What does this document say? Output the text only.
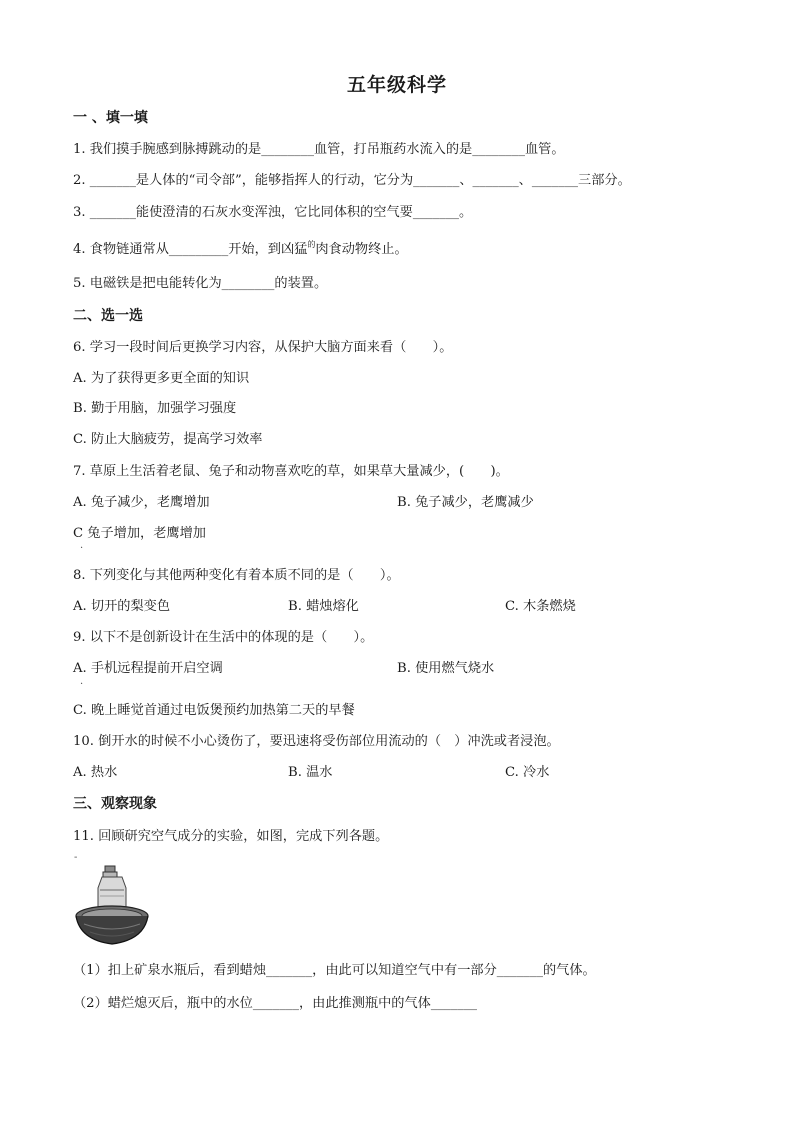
五年级科学
一 、填一填
1. 我们摸手腕感到脉搏跳动的是________血管，打吊瓶药水流入的是________血管。
2. _______是人体的“司令部”，能够指挥人的行动，它分为_______、_______、_______三部分。
3. _______能使澄清的石灰水变浑浊，它比同体积的空气要_______。
4. 食物链通常从_________开始，到凶猛$^的$肉食动物终止。
5. 电磁铁是把电能转化为________的装置。
二、选一选
6. 学习一段时间后更换学习内容，从保护大脑方面来看（　　）。
A. 为了获得更多更全面的知识
B. 勤于用脑，加强学习强度
C. 防止大脑疲劳，提高学习效率
7. 草原上生活着老鼠、兔子和动物喜欢吃的草，如果草大量减少，(　　)。
A. 兔子减少，老鹰增加	B. 兔子减少，老鹰减少
C 兔子增加，老鹰增加
·
8. 下列变化与其他两种变化有着本质不同的是（　　）。
A. 切开的梨变色	B. 蜡烛熔化	C. 木条燃烧
9. 以下不是创新设计在生活中的体现的是（　　）。
A. 手机远程提前开启空调	B. 使用燃气烧水
·
C. 晚上睡觉首通过电饭煲预约加热第二天的早餐
10. 倒开水的时候不小心烫伤了，要迅速将受伤部位用流动的（　）冲洗或者浸泡。
A. 热水	B. 温水	C. 冷水
三、观察现象
11. 回顾研究空气成分的实验，如图，完成下列各题。
-
（1）扣上矿泉水瓶后，看到蜡烛_______，由此可以知道空气中有一部分_______的气体。
（2）蜡烂熄灭后，瓶中的水位_______，由此推测瓶中的气体_______
